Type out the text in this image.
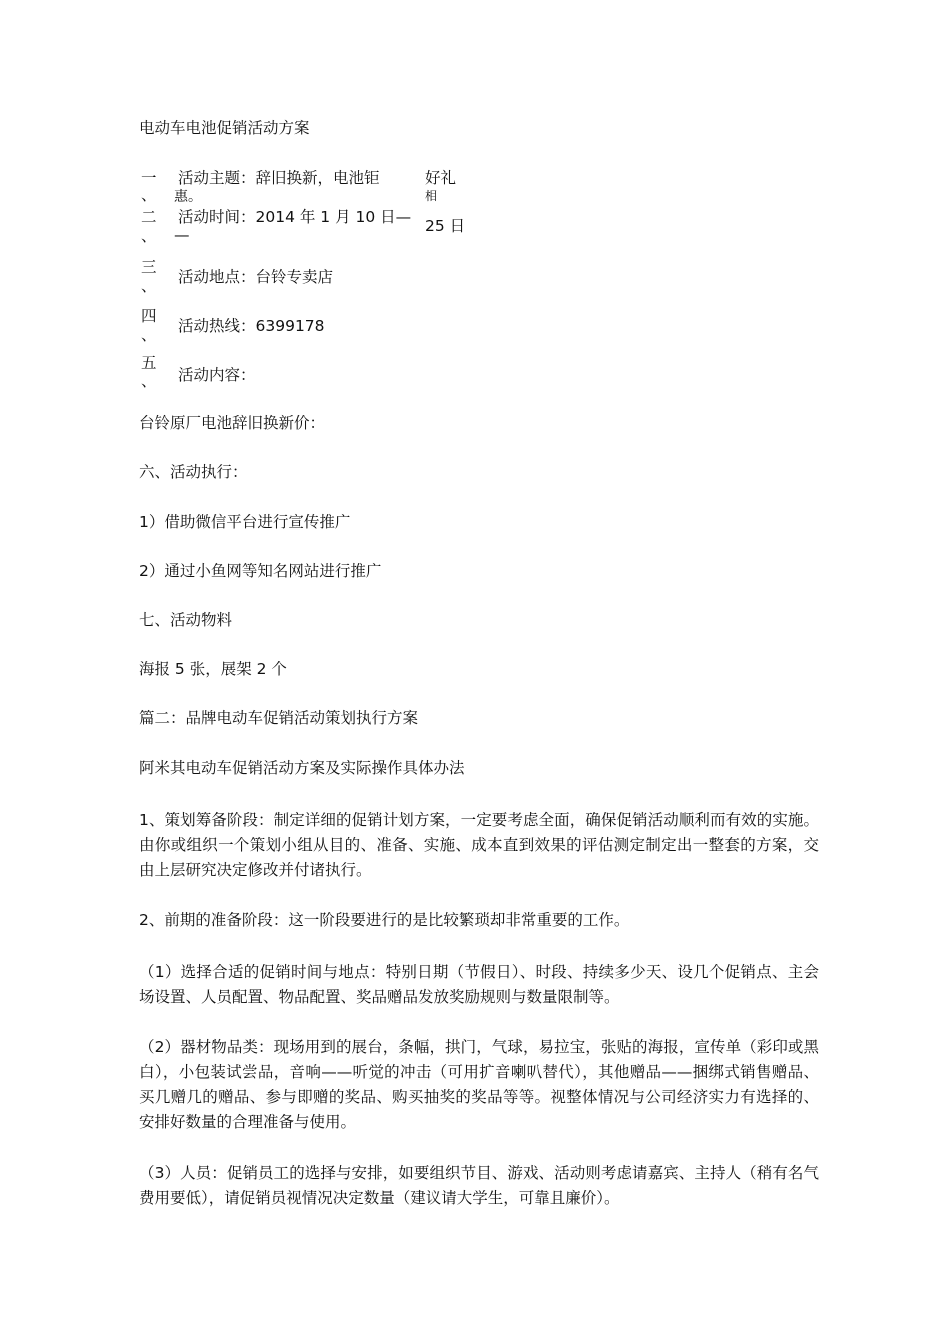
电动车电池促销活动方案
一
、
活动主题：辞旧换新，电池钜
惠。
好礼
相
二
、
活动时间：2014 年 1 月 10 日—
—	25 日
三
、 活动地点：台铃专卖店
四
、 活动热线：6399178
五
、 活动内容：
台铃原厂电池辞旧换新价：
六、活动执行：
1）借助微信平台进行宣传推广
2）通过小鱼网等知名网站进行推广
七、活动物料
海报 5 张，展架 2 个
篇二：品牌电动车促销活动策划执行方案
阿米其电动车促销活动方案及实际操作具体办法
1、策划筹备阶段：制定详细的促销计划方案，一定要考虑全面，确保促销活动顺利而有效的实施。由你或组织一个策划小组从目的、准备、实施、成本直到效果的评估测定制定出一整套的方案，交由上层研究决定修改并付诸执行。
2、前期的准备阶段：这一阶段要进行的是比较繁琐却非常重要的工作。
（1）选择合适的促销时间与地点：特别日期（节假日）、时段、持续多少天、设几个促销点、主会场设置、人员配置、物品配置、奖品赠品发放奖励规则与数量限制等。
（2）器材物品类：现场用到的展台，条幅，拱门，气球，易拉宝，张贴的海报，宣传单（彩印或黑白），小包装试尝品，音响——听觉的冲击（可用扩音喇叭替代），其他赠品——捆绑式销售赠品、买几赠几的赠品、参与即赠的奖品、购买抽奖的奖品等等。视整体情况与公司经济实力有选择的、安排好数量的合理准备与使用。
（3）人员：促销员工的选择与安排，如要组织节目、游戏、活动则考虑请嘉宾、主持人（稍有名气费用要低），请促销员视情况决定数量（建议请大学生，可靠且廉价）。
